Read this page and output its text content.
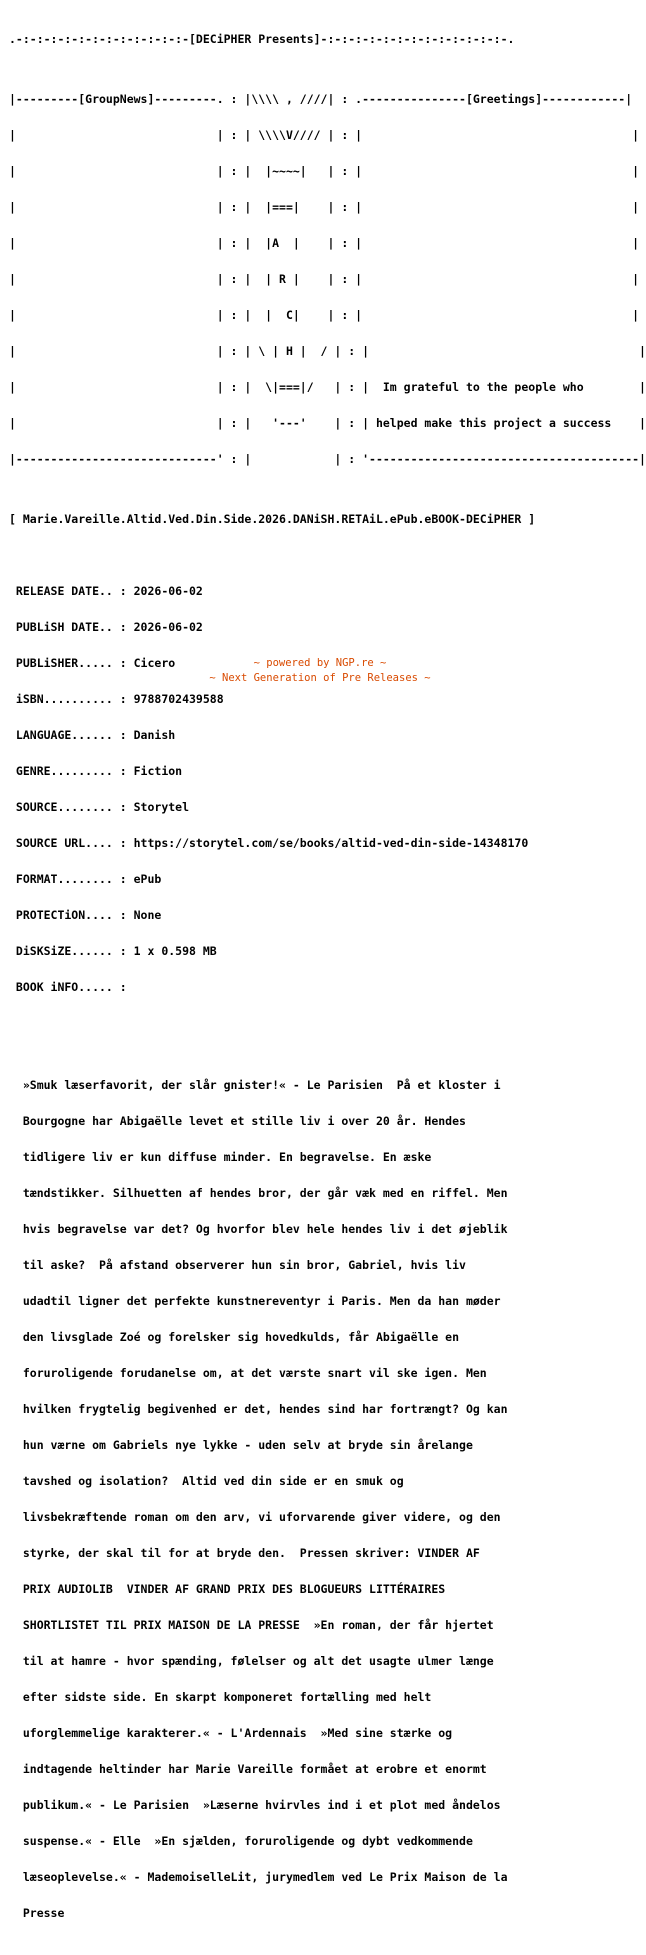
.-:-:-:-:-:-:-:-:-:-:-:-:-[DECiPHER Presents]-:-:-:-:-:-:-:-:-:-:-:-:-:-.

|---------[GroupNews]---------. : |\\\\ , ////| : .---------------[Greetings]------------|

|                             | : | \\\\V//// | : |                                       |

|                             | : |  |~~~~|   | : |                                       |

|                             | : |  |===|    | : |                                       |

|                             | : |  |A  |    | : |                                       |

|                             | : |  | R |    | : |                                       |

|                             | : |  |  C|    | : |                                       |

|                             | : | \ | H |  / | : |                                       |

|                             | : |  \|===|/   | : |  Im grateful to the people who        |

|                             | : |   '---'    | : | helped make this project a success    |

|-----------------------------' : |            | : '---------------------------------------|

[ Marie.Vareille.Altid.Ved.Din.Side.2026.DANiSH.RETAiL.ePub.eBOOK-DECiPHER ]

RELEASE DATE.. : 2026-06-02

PUBLiSH DATE.. : 2026-06-02

PUBLiSHER..... : Cicero

iSBN.......... : 9788702439588

LANGUAGE...... : Danish

GENRE......... : Fiction

SOURCE........ : Storytel

SOURCE URL.... : https://storytel.com/se/books/altid-ved-din-side-14348170

FORMAT........ : ePub

PROTECTiON.... : None

DiSKSiZE...... : 1 x 0.598 MB

BOOK iNFO..... :

»Smuk læserfavorit, der slår gnister!« - Le Parisien  På et kloster i

Bourgogne har Abigaëlle levet et stille liv i over 20 år. Hendes

tidligere liv er kun diffuse minder. En begravelse. En æske

tændstikker. Silhuetten af hendes bror, der går væk med en riffel. Men

hvis begravelse var det? Og hvorfor blev hele hendes liv i det øjeblik

til aske?  På afstand observerer hun sin bror, Gabriel, hvis liv

udadtil ligner det perfekte kunstnereventyr i Paris. Men da han møder

den livsglade Zoé og forelsker sig hovedkulds, får Abigaëlle en

foruroligende forudanelse om, at det værste snart vil ske igen. Men

hvilken frygtelig begivenhed er det, hendes sind har fortrængt? Og kan

hun værne om Gabriels nye lykke - uden selv at bryde sin årelange

tavshed og isolation?  Altid ved din side er en smuk og

livsbekræftende roman om den arv, vi uforvarende giver videre, og den

styrke, der skal til for at bryde den.  Pressen skriver: VINDER AF

PRIX AUDIOLIB  VINDER AF GRAND PRIX DES BLOGUEURS LITTÉRAIRES

SHORTLISTET TIL PRIX MAISON DE LA PRESSE  »En roman, der får hjertet

til at hamre - hvor spænding, følelser og alt det usagte ulmer længe

efter sidste side. En skarpt komponeret fortælling med helt

uforglemmelige karakterer.« - L'Ardennais  »Med sine stærke og

indtagende heltinder har Marie Vareille formået at erobre et enormt

publikum.« - Le Parisien  »Læserne hvirvles ind i et plot med åndelos

suspense.« - Elle  »En sjælden, foruroligende og dybt vedkommende

læseoplevelse.« - MademoiselleLit, jurymedlem ved Le Prix Maison de la

Presse

~ powered by NGP.re ~
~ Next Generation of Pre Releases ~
